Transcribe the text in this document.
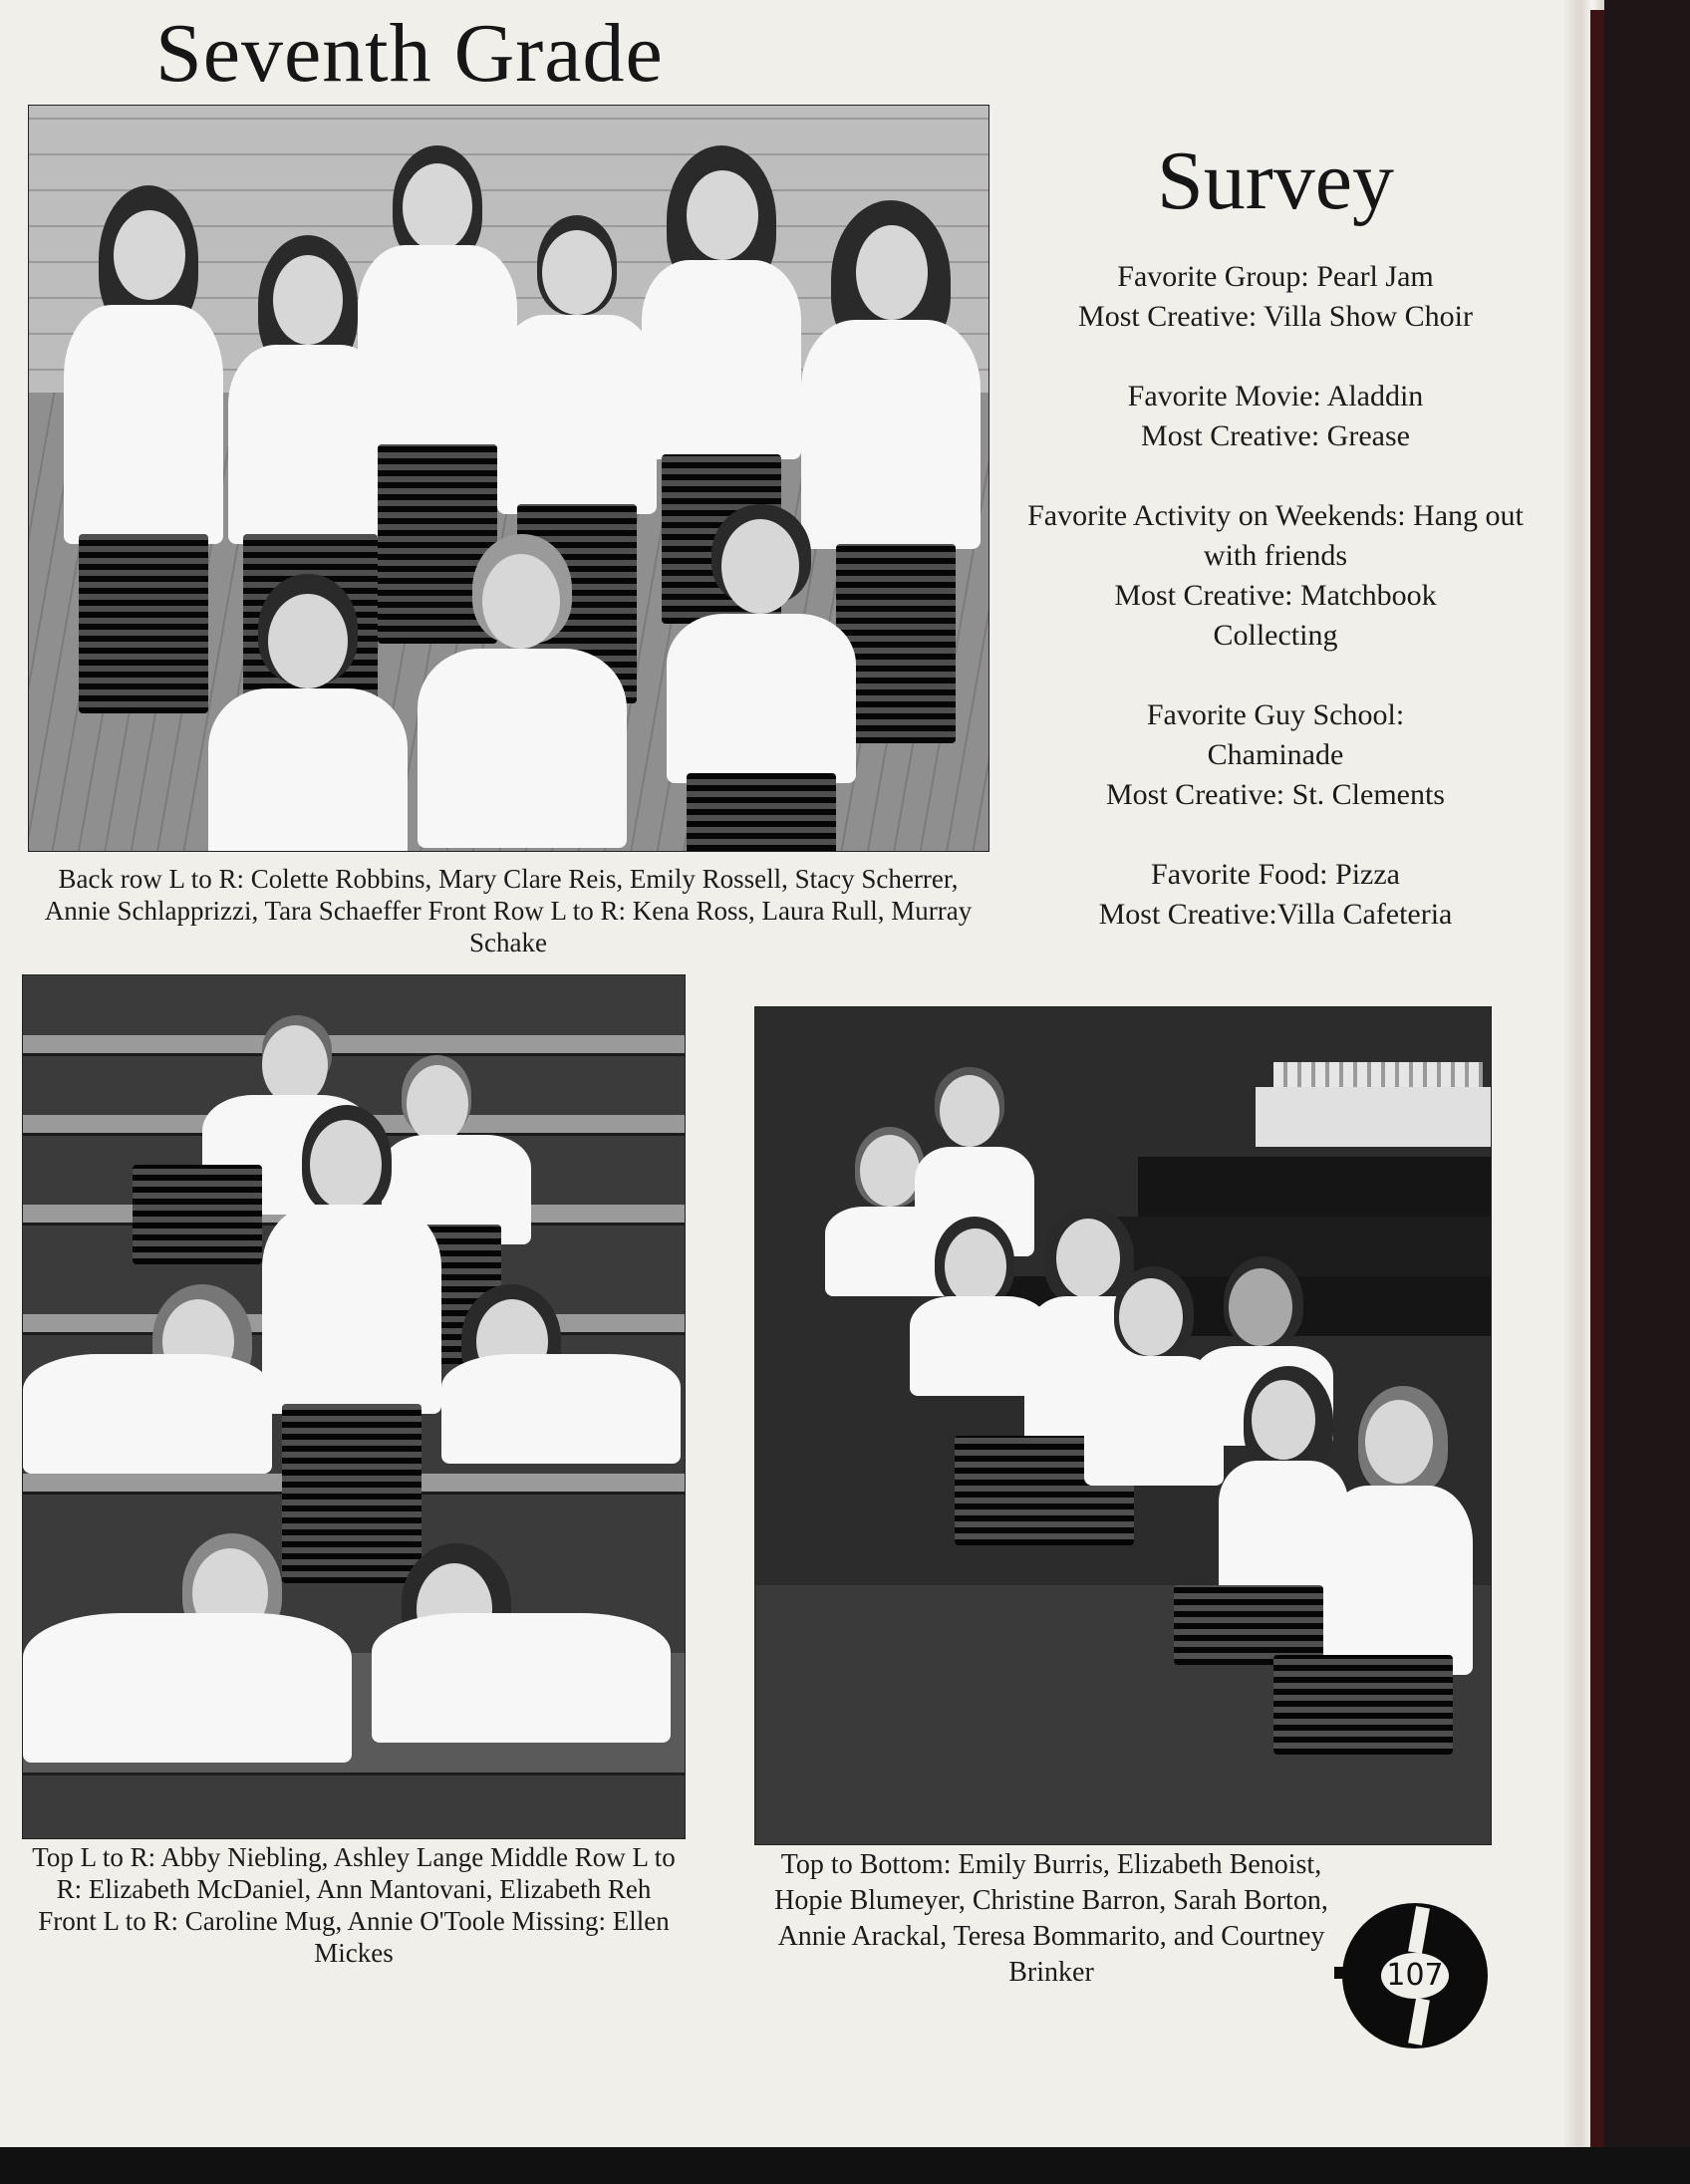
Seventh Grade

Back row L to R: Colette Robbins, Mary Clare Reis, Emily Rossell, Stacy Scherrer, Annie Schlapprizzi, Tara Schaeffer Front Row L to R: Kena Ross, Laura Rull, Murray Schake

Survey
Favorite Group: Pearl Jam
Most Creative: Villa Show Choir
Favorite Movie: Aladdin
Most Creative: Grease
Favorite Activity on Weekends: Hang out with friends
Most Creative: Matchbook Collecting
Favorite Guy School: Chaminade
Most Creative: St. Clements
Favorite Food: Pizza
Most Creative:Villa Cafeteria

Top L to R: Abby Niebling, Ashley Lange Middle Row L to R: Elizabeth McDaniel, Ann Mantovani, Elizabeth Reh Front L to R: Caroline Mug, Annie O'Toole Missing: Ellen Mickes

Top to Bottom: Emily Burris, Elizabeth Benoist, Hopie Blumeyer, Christine Barron, Sarah Borton, Annie Arackal, Teresa Bommarito, and Courtney Brinker	107
